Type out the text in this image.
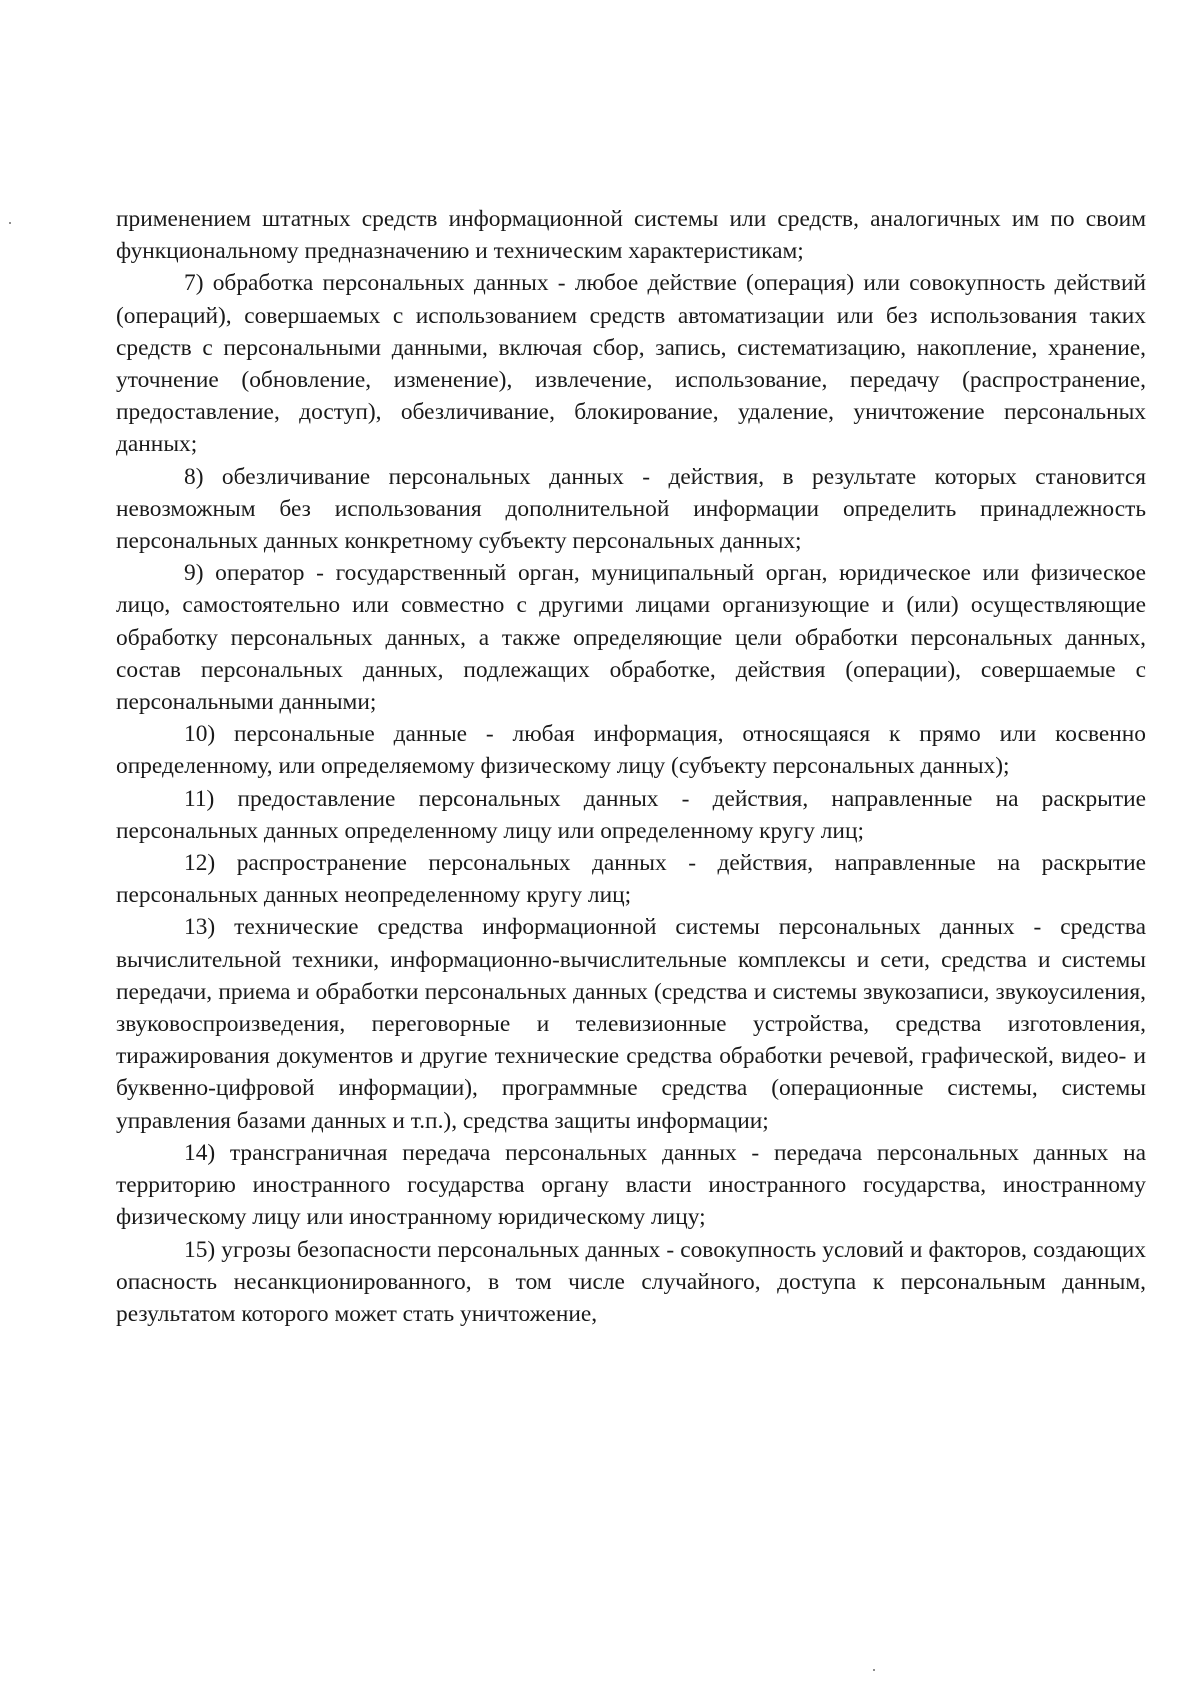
применением штатных средств информационной системы или средств, аналогичных им по своим функциональному предназначению и техническим характеристикам;

7) обработка персональных данных - любое действие (операция) или совокупность действий (операций), совершаемых с использованием средств автоматизации или без использования таких средств с персональными данными, включая сбор, запись, систематизацию, накопление, хранение, уточнение (обновление, изменение), извлечение, использование, передачу (распространение, предоставление, доступ), обезличивание, блокирование, удаление, уничтожение персональных данных;

8) обезличивание персональных данных - действия, в результате которых становится невозможным без использования дополнительной информации определить принадлежность персональных данных конкретному субъекту персональных данных;

9) оператор - государственный орган, муниципальный орган, юридическое или физическое лицо, самостоятельно или совместно с другими лицами организующие и (или) осуществляющие обработку персональных данных, а также определяющие цели обработки персональных данных, состав персональных данных, подлежащих обработке, действия (операции), совершаемые с персональными данными;

10) персональные данные - любая информация, относящаяся к прямо или косвенно определенному, или определяемому физическому лицу (субъекту персональных данных);

11) предоставление персональных данных - действия, направленные на раскрытие персональных данных определенному лицу или определенному кругу лиц;

12) распространение персональных данных - действия, направленные на раскрытие персональных данных неопределенному кругу лиц;

13) технические средства информационной системы персональных данных - средства вычислительной техники, информационно-вычислительные комплексы и сети, средства и системы передачи, приема и обработки персональных данных (средства и системы звукозаписи, звукоусиления, звуковоспроизведения, переговорные и телевизионные устройства, средства изготовления, тиражирования документов и другие технические средства обработки речевой, графической, видео- и буквенно-цифровой информации), программные средства (операционные системы, системы управления базами данных и т.п.), средства защиты информации;

14) трансграничная передача персональных данных - передача персональных данных на территорию иностранного государства органу власти иностранного государства, иностранному физическому лицу или иностранному юридическому лицу;

15) угрозы безопасности персональных данных - совокупность условий и факторов, создающих опасность несанкционированного, в том числе случайного, доступа к персональным данным, результатом которого может стать уничтожение,
